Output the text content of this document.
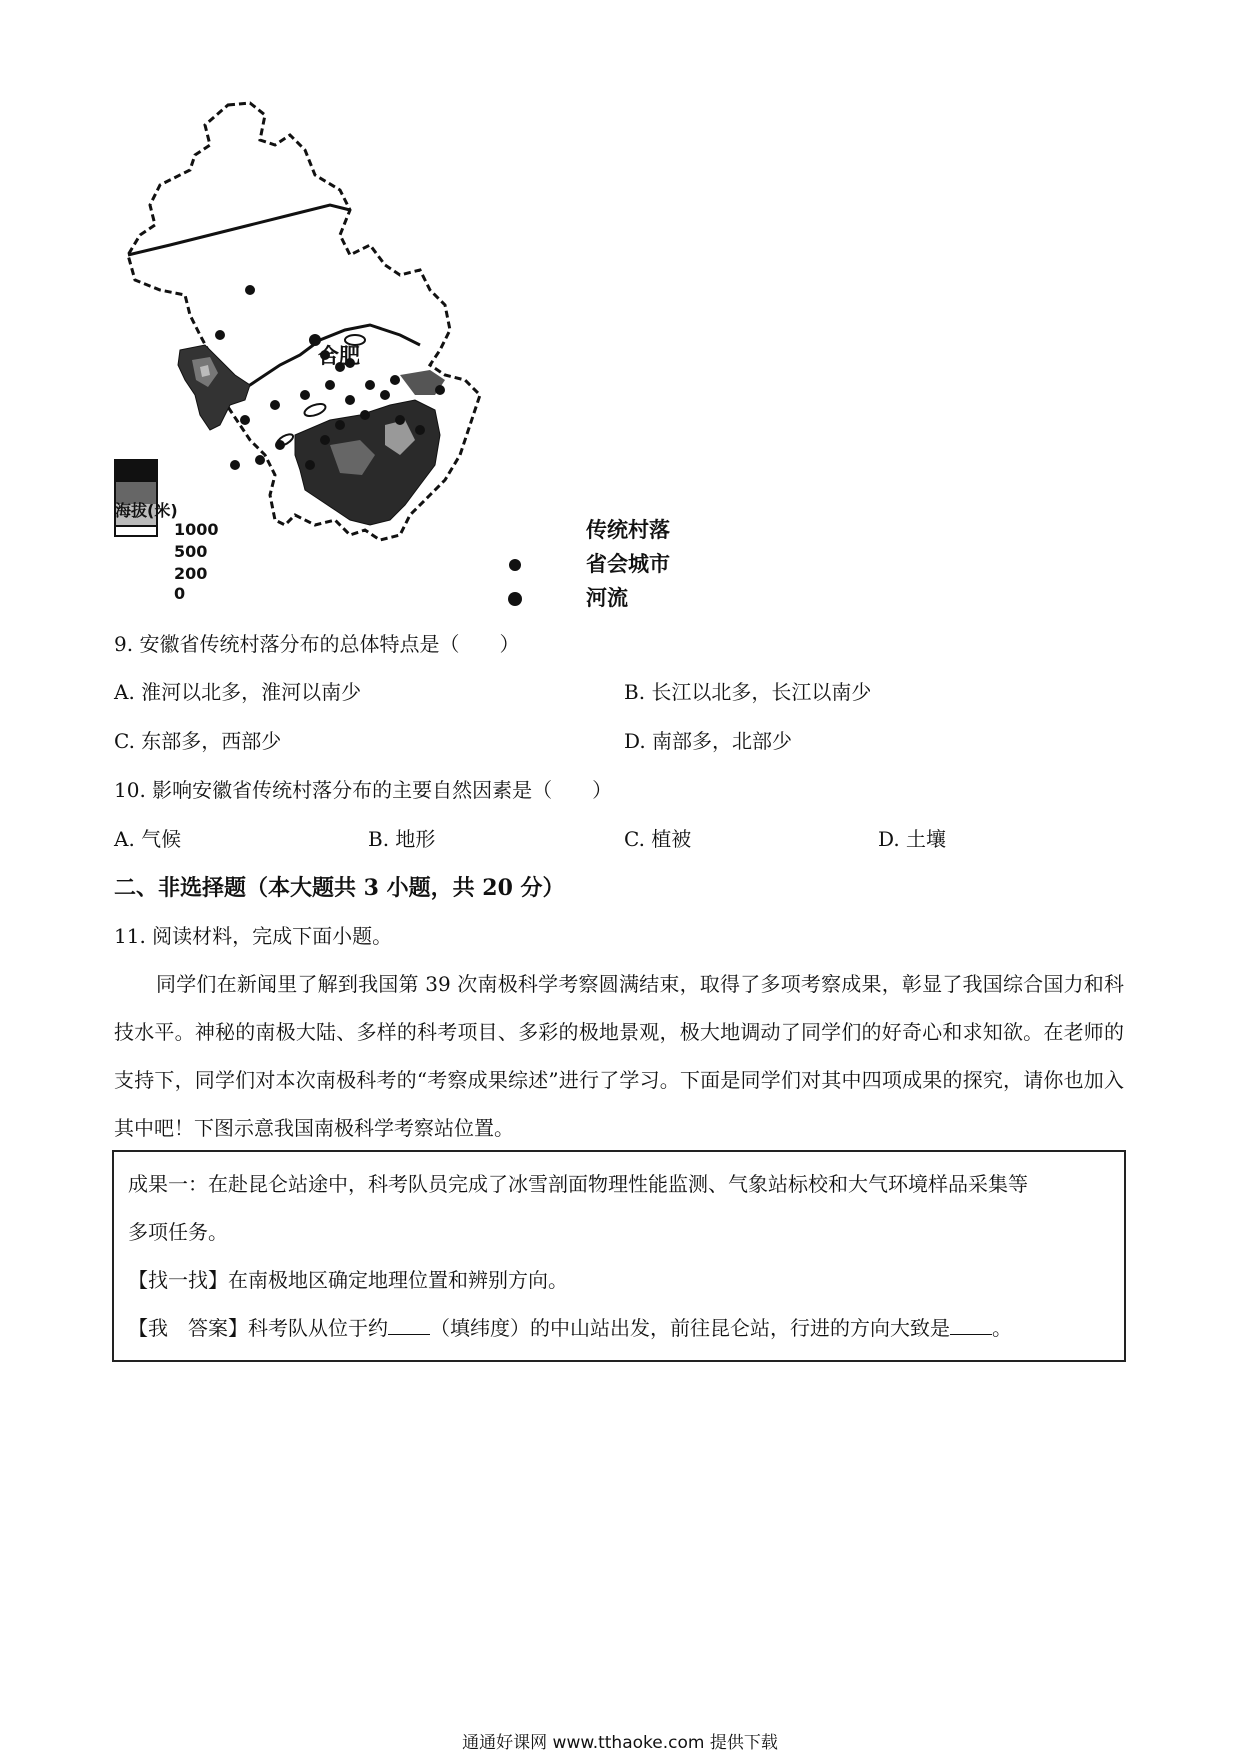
合肥
海拔(米)
1000
500
200
0
传统村落
省会城市
河流
9. 安徽省传统村落分布的总体特点是（　　）
A. 淮河以北多，淮河以南少	B. 长江以北多，长江以南少
C. 东部多，西部少	D. 南部多，北部少
10. 影响安徽省传统村落分布的主要自然因素是（　　）
A. 气候	B. 地形	C. 植被	D. 土壤
二、非选择题（本大题共 3 小题，共 20 分）
11. 阅读材料，完成下面小题。
同学们在新闻里了解到我国第 39 次南极科学考察圆满结束，取得了多项考察成果，彰显了我国综合国力和科技水平。神秘的南极大陆、多样的科考项目、多彩的极地景观，极大地调动了同学们的好奇心和求知欲。在老师的支持下，同学们对本次南极科考的“考察成果综述”进行了学习。下面是同学们对其中四项成果的探究，请你也加入其中吧！下图示意我国南极科学考察站位置。
成果一：在赴昆仑站途中，科考队员完成了冰雪剖面物理性能监测、气象站标校和大气环境样品采集等
多项任务。
【找一找】在南极地区确定地理位置和辨别方向。
【我　答案】科考队从位于约 （填纬度）的中山站出发，前往昆仑站，行进的方向大致是 。
通通好课网 www.tthaoke.com 提供下载
